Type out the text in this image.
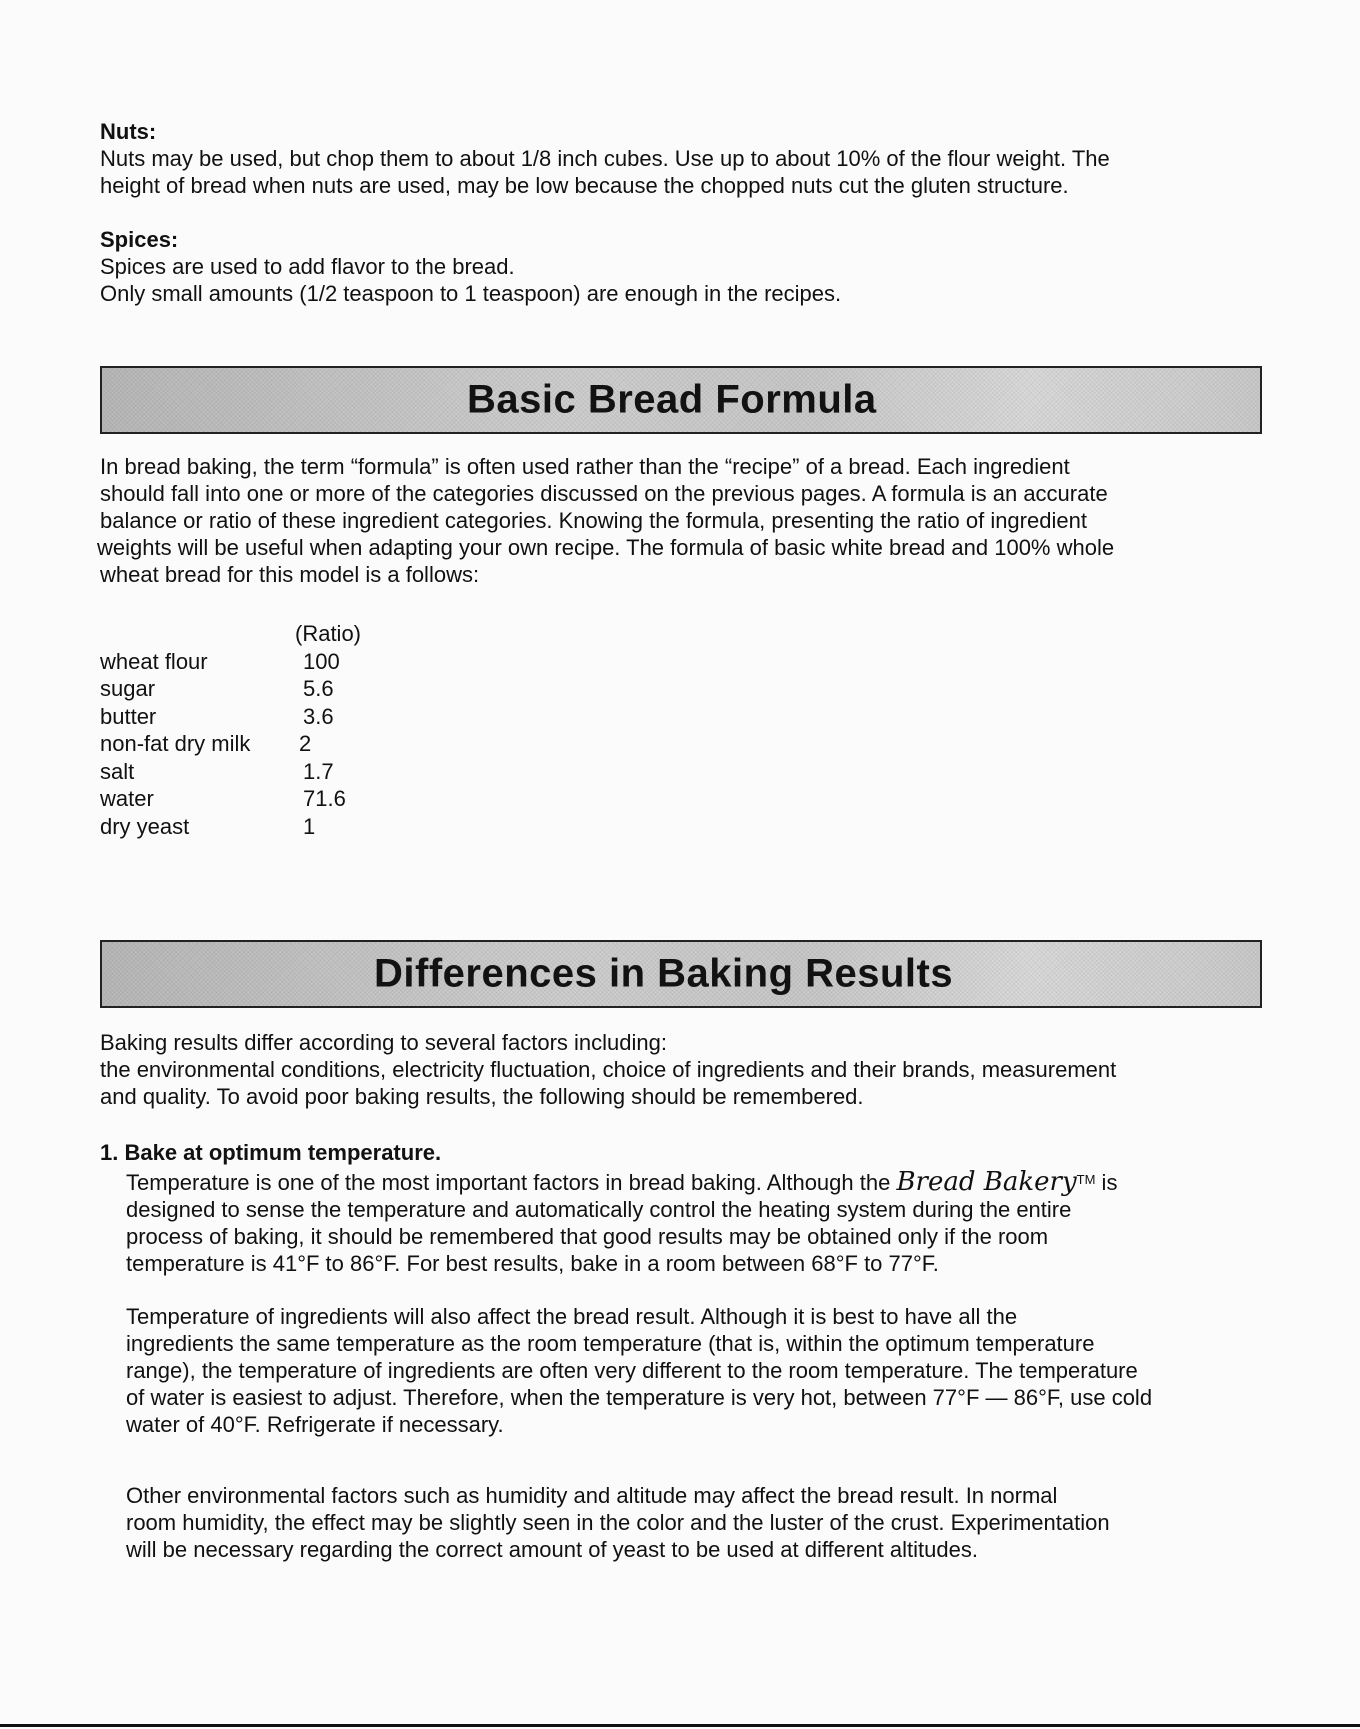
Nuts:

Nuts may be used, but chop them to about 1/8 inch cubes. Use up to about 10% of the flour weight. The

height of bread when nuts are used, may be low because the chopped nuts cut the gluten structure.

Spices:

Spices are used to add flavor to the bread.

Only small amounts (1/2 teaspoon to 1 teaspoon) are enough in the recipes.

Basic Bread Formula

In bread baking, the term “formula” is often used rather than the “recipe” of a bread. Each ingredient

should fall into one or more of the categories discussed on the previous pages. A formula is an accurate

balance or ratio of these ingredient categories. Knowing the formula, presenting the ratio of ingredient

weights will be useful when adapting your own recipe. The formula of basic white bread and 100% whole

wheat bread for this model is a follows:

	(Ratio)
wheat flour	100
sugar	5.6
butter	3.6
non-fat dry milk	2
salt	1.7
water	71.6
dry yeast	1
Differences in Baking Results

Baking results differ according to several factors including:

the environmental conditions, electricity fluctuation, choice of ingredients and their brands, measurement

and quality. To avoid poor baking results, the following should be remembered.

1. Bake at optimum temperature.

Temperature is one of the most important factors in bread baking. Although the Bread Bakery™ is

designed to sense the temperature and automatically control the heating system during the entire

process of baking, it should be remembered that good results may be obtained only if the room

temperature is 41°F to 86°F. For best results, bake in a room between 68°F to 77°F.

Temperature of ingredients will also affect the bread result. Although it is best to have all the

ingredients the same temperature as the room temperature (that is, within the optimum temperature

range), the temperature of ingredients are often very different to the room temperature. The temperature

of water is easiest to adjust. Therefore, when the temperature is very hot, between 77°F — 86°F, use cold

water of 40°F. Refrigerate if necessary.

Other environmental factors such as humidity and altitude may affect the bread result. In normal

room humidity, the effect may be slightly seen in the color and the luster of the crust. Experimentation

will be necessary regarding the correct amount of yeast to be used at different altitudes.
